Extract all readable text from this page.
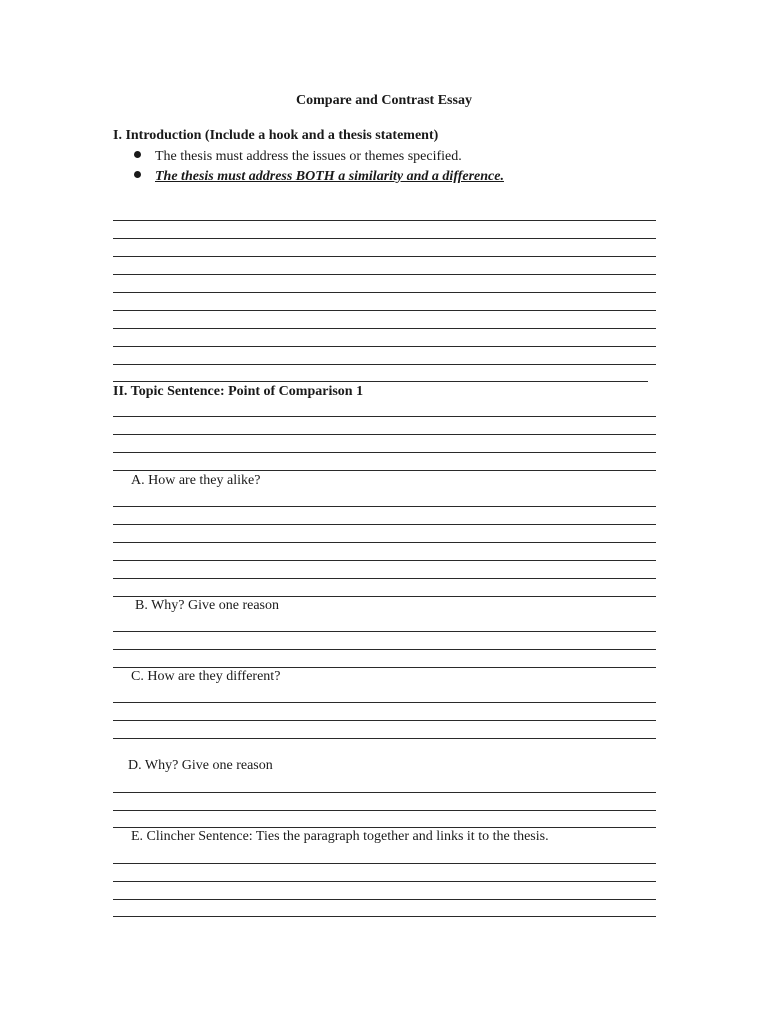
Compare and Contrast Essay
I. Introduction (Include a hook and a thesis statement)
The thesis must address the issues or themes specified.
The thesis must address BOTH a similarity and a difference.
II. Topic Sentence: Point of Comparison 1
A. How are they alike?
B. Why? Give one reason
C. How are they different?
D. Why? Give one reason
E. Clincher Sentence: Ties the paragraph together and links it to the thesis.
